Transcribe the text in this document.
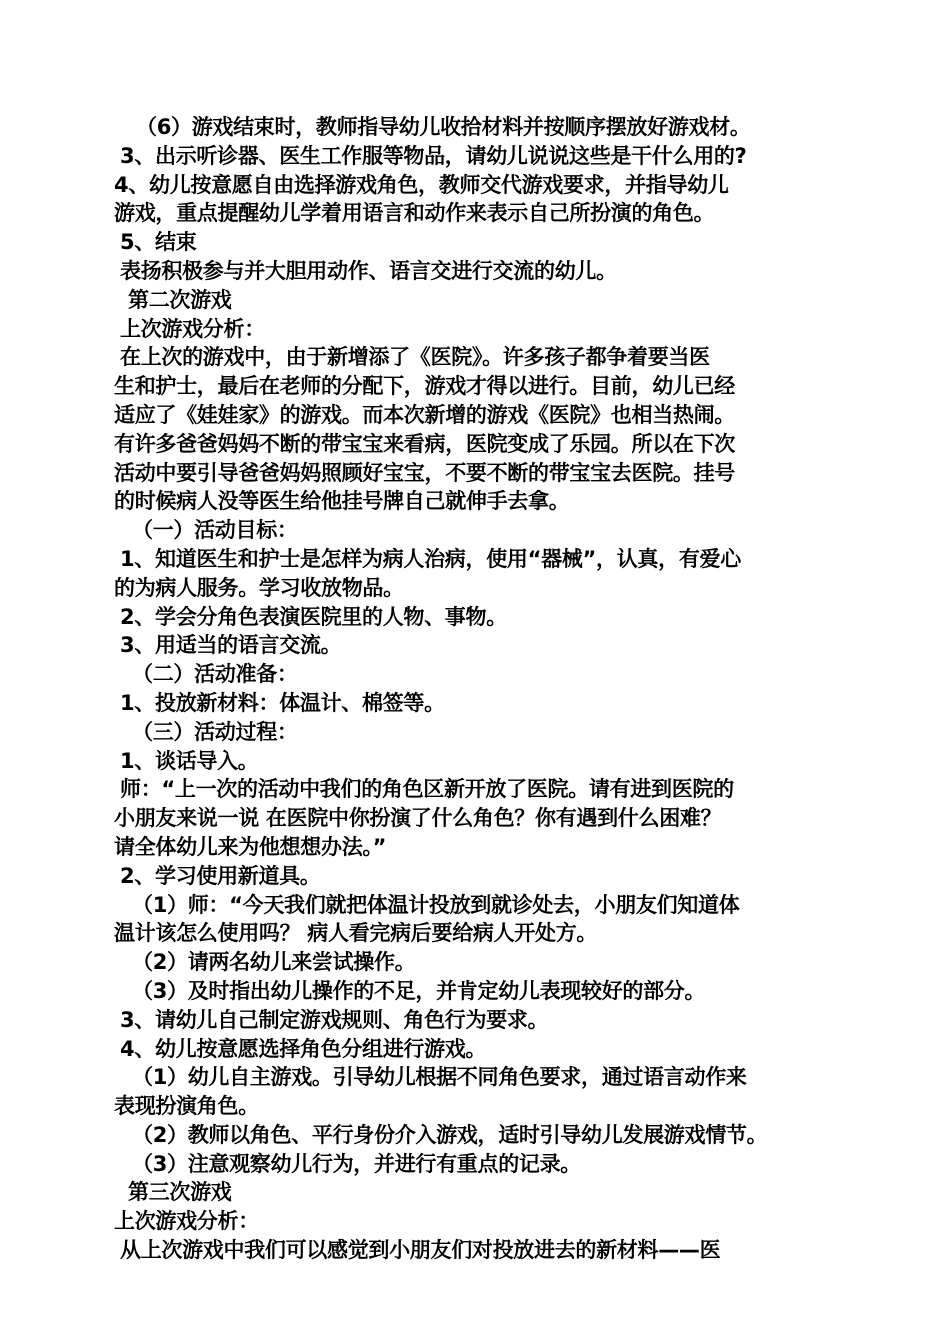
（6）游戏结束时，教师指导幼儿收拾材料并按顺序摆放好游戏材。
3、出示听诊器、医生工作服等物品，请幼儿说说这些是干什么用的?
4、幼儿按意愿自由选择游戏角色，教师交代游戏要求，并指导幼儿
游戏，重点提醒幼儿学着用语言和动作来表示自己所扮演的角色。
5、结束
表扬积极参与并大胆用动作、语言交进行交流的幼儿。
第二次游戏
上次游戏分析：
在上次的游戏中，由于新增添了《医院》。许多孩子都争着要当医
生和护士，最后在老师的分配下，游戏才得以进行。目前，幼儿已经
适应了《娃娃家》的游戏。而本次新增的游戏《医院》也相当热闹。
有许多爸爸妈妈不断的带宝宝来看病，医院变成了乐园。所以在下次
活动中要引导爸爸妈妈照顾好宝宝，不要不断的带宝宝去医院。挂号
的时候病人没等医生给他挂号牌自己就伸手去拿。
（一）活动目标：
1、知道医生和护士是怎样为病人治病，使用“器械”，认真，有爱心
的为病人服务。学习收放物品。
2、学会分角色表演医院里的人物、事物。
3、用适当的语言交流。
（二）活动准备：
1、投放新材料：体温计、棉签等。
（三）活动过程：
1、谈话导入。
师：“上一次的活动中我们的角色区新开放了医院。请有进到医院的
小朋友来说一说 在医院中你扮演了什么角色？你有遇到什么困难？
请全体幼儿来为他想想办法。”
2、学习使用新道具。
（1）师：“今天我们就把体温计投放到就诊处去，小朋友们知道体
温计该怎么使用吗？ 病人看完病后要给病人开处方。
（2）请两名幼儿来尝试操作。
（3）及时指出幼儿操作的不足，并肯定幼儿表现较好的部分。
3、请幼儿自己制定游戏规则、角色行为要求。
4、幼儿按意愿选择角色分组进行游戏。
（1）幼儿自主游戏。引导幼儿根据不同角色要求，通过语言动作来
表现扮演角色。
（2）教师以角色、平行身份介入游戏，适时引导幼儿发展游戏情节。
（3）注意观察幼儿行为，并进行有重点的记录。
第三次游戏
上次游戏分析：
从上次游戏中我们可以感觉到小朋友们对投放进去的新材料——医
